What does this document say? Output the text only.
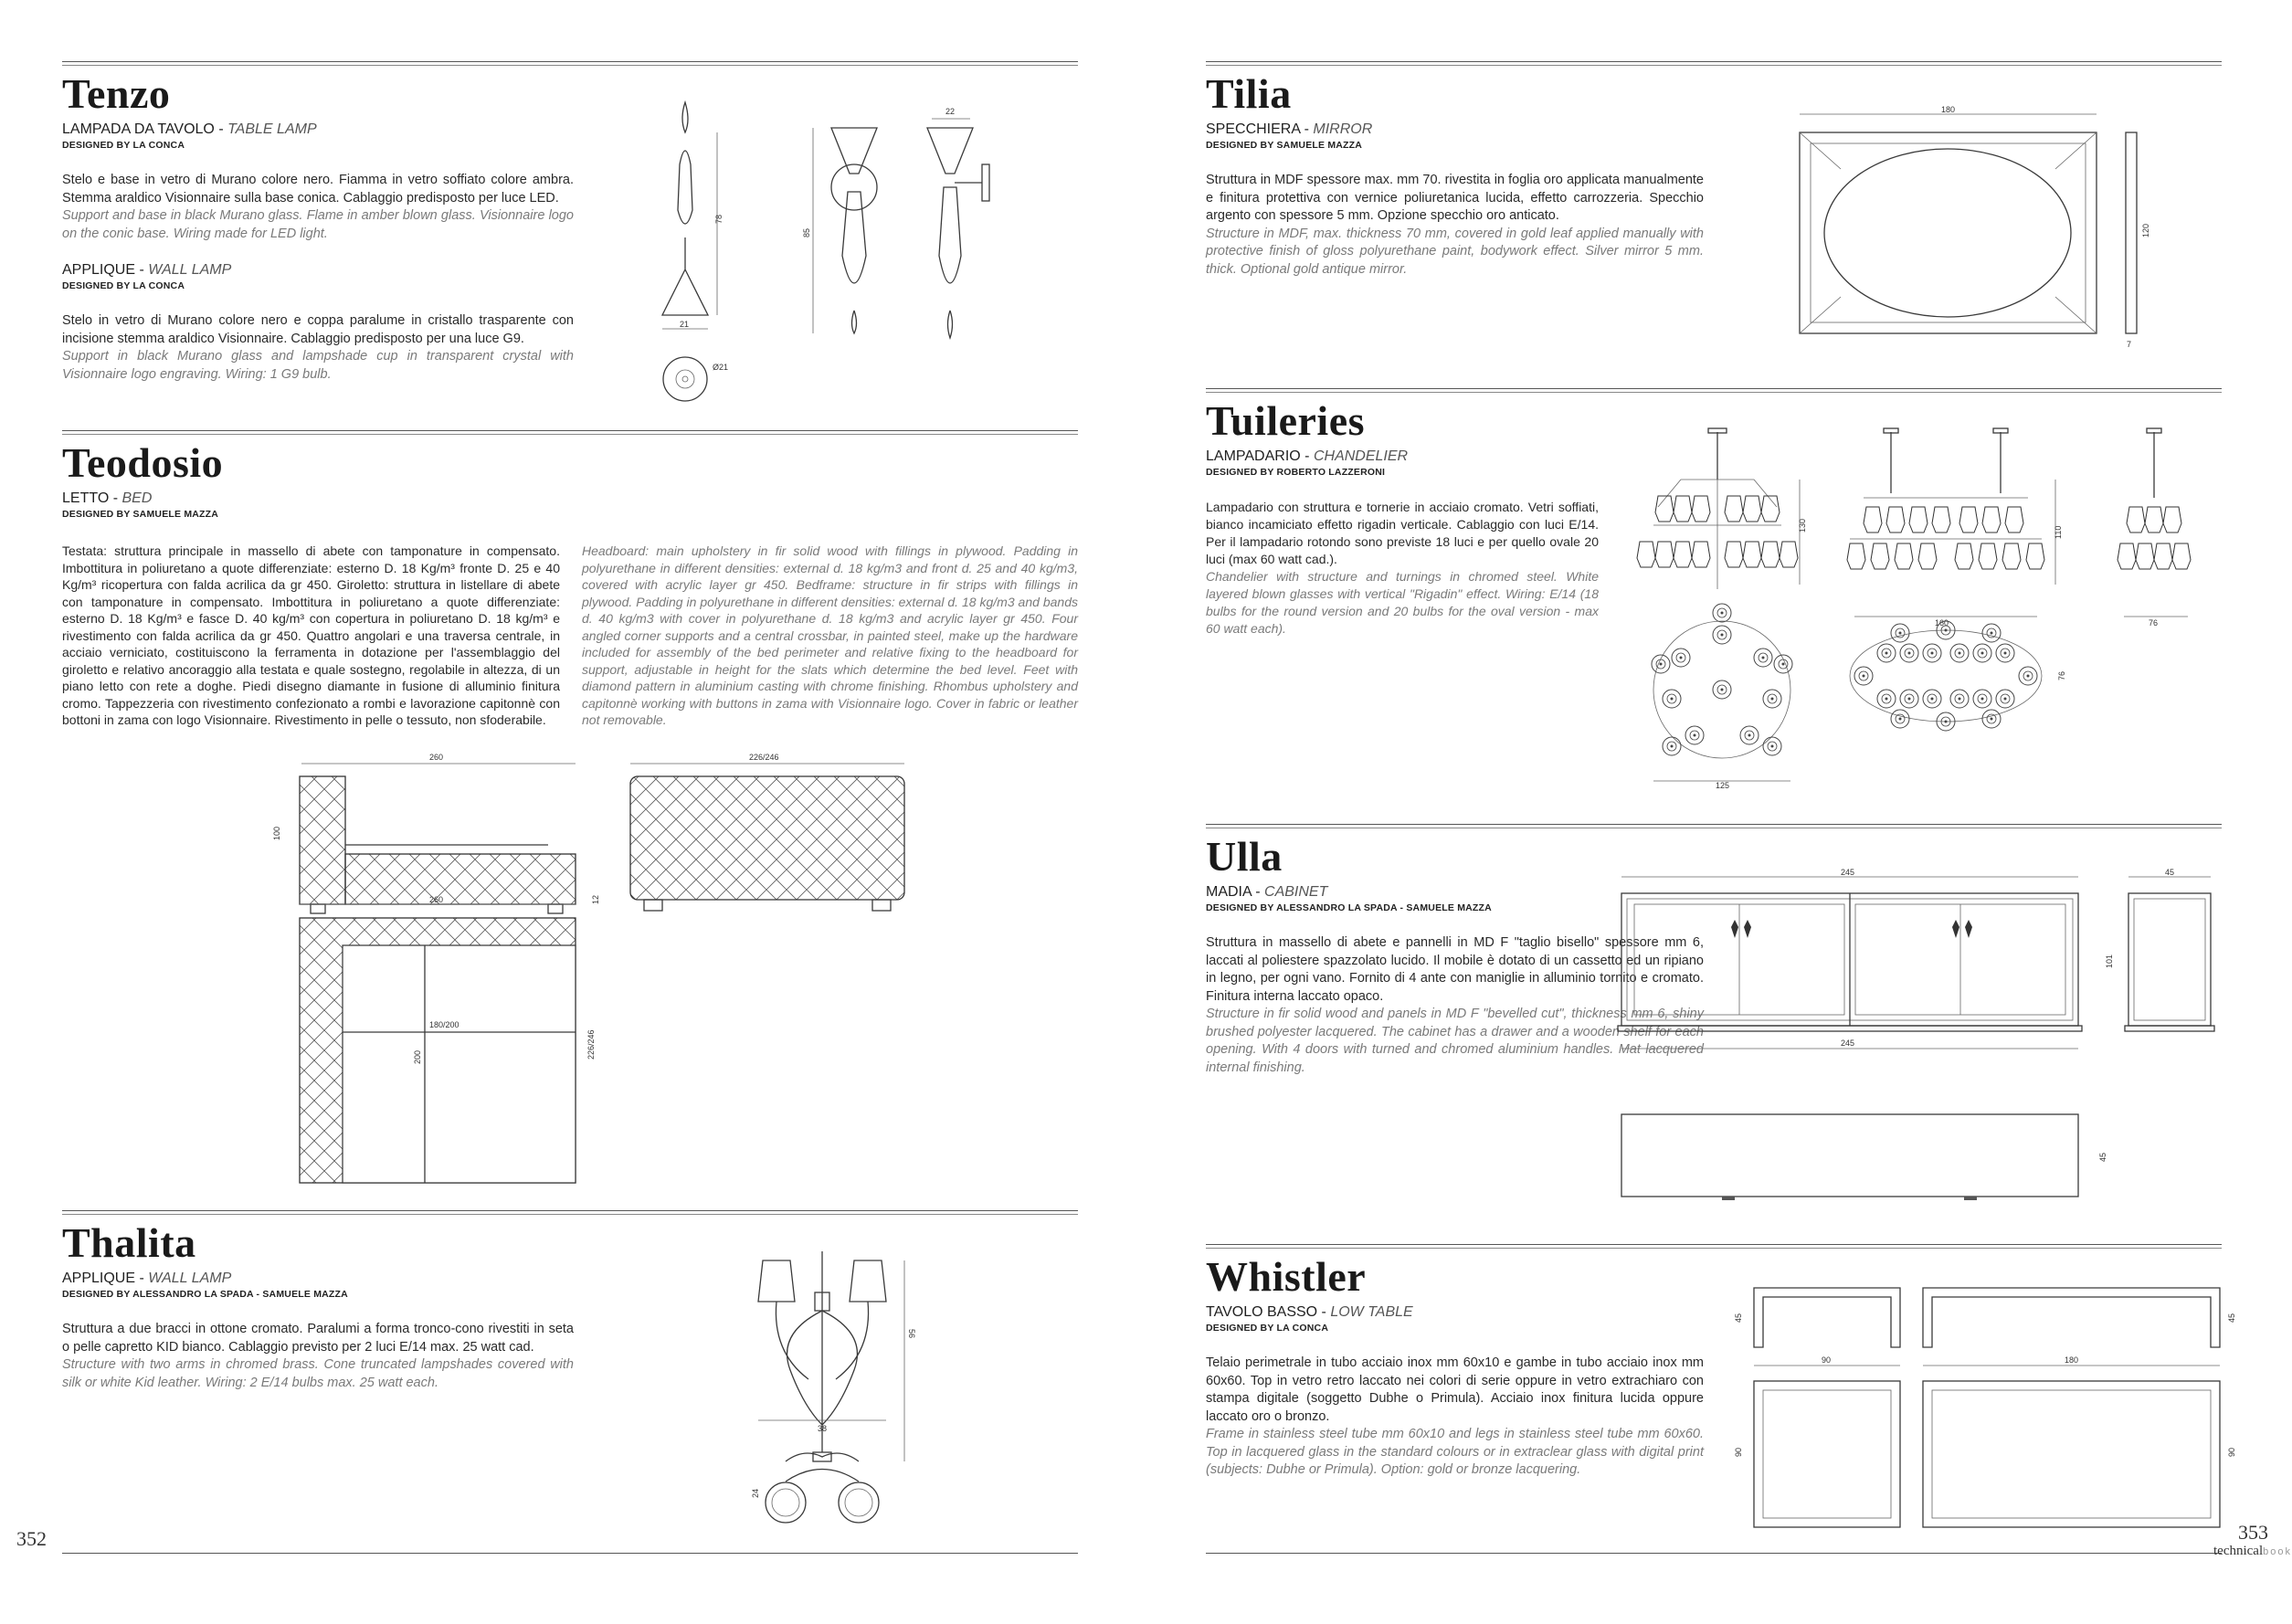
Tenzo
LAMPADA DA TAVOLO - TABLE LAMP
DESIGNED BY LA CONCA
Stelo e base in vetro di Murano colore nero. Fiamma in vetro soffiato colore ambra. Stemma araldico Visionnaire sulla base conica. Cablaggio predisposto per luce LED.
Support and base in black Murano glass. Flame in amber blown glass. Visionnaire logo on the conic base. Wiring made for LED light.
APPLIQUE - WALL LAMP
DESIGNED BY LA CONCA
Stelo in vetro di Murano colore nero e coppa paralume in cristallo trasparente con incisione stemma araldico Visionnaire. Cablaggio predisposto per una luce G9.
Support in black Murano glass and lampshade cup in transparent crystal with Visionnaire logo engraving. Wiring: 1 G9 bulb.
78
21
Ø21
85
22
Teodosio
LETTO - BED
DESIGNED BY SAMUELE MAZZA
Testata: struttura principale in massello di abete con tamponature in compensato. Imbottitura in poliuretano a quote differenziate: esterno D. 18 Kg/m³ fronte D. 25 e 40 Kg/m³ ricopertura con falda acrilica da gr 450. Giroletto: struttura in listellare di abete con tamponature in compensato. Imbottitura in poliuretano a quote differenziate: esterno D. 18 Kg/m³ e fasce D. 40 kg/m³ con copertura in poliuretano D. 18 kg/m³ e rivestimento con falda acrilica da gr 450. Quattro angolari e una traversa centrale, in acciaio verniciato, costituiscono la ferramenta in dotazione per l'assemblaggio del giroletto e relativo ancoraggio alla testata e quale sostegno, regolabile in altezza, di un piano letto con rete a doghe. Piedi disegno diamante in fusione di alluminio finitura cromo. Tappezzeria con rivestimento confezionato a rombi e lavorazione capitonnè con bottoni in zama con logo Visionnaire. Rivestimento in pelle o tessuto, non sfoderabile.
Headboard: main upholstery in fir solid wood with fillings in plywood. Padding in polyurethane in different densities: external d. 18 kg/m3 and front d. 25 and 40 kg/m3, covered with acrylic layer gr 450. Bedframe: structure in fir strips with fillings in plywood. Padding in polyurethane in different densities: external d. 18 kg/m3 and bands d. 40 kg/m3 with cover in polyurethane d. 18 kg/m3 and acrylic layer gr 450. Four angled corner supports and a central crossbar, in painted steel, make up the hardware included for assembly of the bed perimeter and relative fixing to the headboard for support, adjustable in height for the slats which determine the bed level. Feet with diamond pattern in aluminium casting with chrome finishing. Rhombus upholstery and capitonnè working with buttons in zama with Visionnaire logo. Cover in fabric or leather not removable.
260
100
12
226/246
260
180/200
200	226/246
Thalita
APPLIQUE - WALL LAMP
DESIGNED BY ALESSANDRO LA SPADA - SAMUELE MAZZA
Struttura a due bracci in ottone cromato. Paralumi a forma tronco-cono rivestiti in seta o pelle capretto KID bianco. Cablaggio previsto per 2 luci E/14 max. 25 watt cad.
Structure with two arms in chromed brass. Cone truncated lampshades covered with silk or white Kid leather. Wiring: 2 E/14 bulbs max. 25 watt each.
56
38
24
352
Tilia
SPECCHIERA - MIRROR
DESIGNED BY SAMUELE MAZZA
Struttura in MDF spessore max. mm 70. rivestita in foglia oro applicata manualmente e finitura protettiva con vernice poliuretanica lucida, effetto carrozzeria. Specchio argento con spessore 5 mm. Opzione specchio oro anticato.
Structure in MDF, max. thickness 70 mm, covered in gold leaf applied manually with protective finish of gloss polyurethane paint, bodywork effect. Silver mirror 5 mm. thick. Optional gold antique mirror.
180
120
7
Tuileries
LAMPADARIO - CHANDELIER
DESIGNED BY ROBERTO LAZZERONI
Lampadario con struttura e tornerie in acciaio cromato. Vetri soffiati, bianco incamiciato effetto rigadin verticale. Cablaggio con luci E/14. Per il lampadario rotondo sono previste 18 luci e per quello ovale 20 luci (max 60 watt cad.).
Chandelier with structure and turnings in chromed steel. White layered blown glasses with vertical "Rigadin" effect. Wiring: E/14 (18 bulbs for the round version and 20 bulbs for the oval version - max 60 watt each).
130
125
110
160
76
76
Ulla
MADIA - CABINET
DESIGNED BY ALESSANDRO LA SPADA - SAMUELE MAZZA
Struttura in massello di abete e pannelli in MD F "taglio bisello" spessore mm 6, laccati al poliestere spazzolato lucido. Il mobile è dotato di un cassetto ed un ripiano in legno, per ogni vano. Fornito di 4 ante con maniglie in alluminio tornito e cromato. Finitura interna laccato opaco.
Structure in fir solid wood and panels in MD F "bevelled cut", thickness mm 6, shiny brushed polyester lacquered. The cabinet has a drawer and a wooden shelf for each opening. With 4 doors with turned and chromed aluminium handles. Mat lacquered internal finishing.
245
245
45
101
45
Whistler
TAVOLO BASSO - LOW TABLE
DESIGNED BY LA CONCA
Telaio perimetrale in tubo acciaio inox mm 60x10 e gambe in tubo acciaio inox mm 60x60. Top in vetro retro laccato nei colori di serie oppure in vetro extrachiaro con stampa digitale (soggetto Dubhe o Primula). Acciaio inox finitura lucida oppure laccato oro o bronzo.
Frame in stainless steel tube mm 60x10 and legs in stainless steel tube mm 60x60. Top in lacquered glass in the standard colours or in extraclear glass with digital print (subjects: Dubhe or Primula). Option: gold or bronze lacquering.
45
90
90
45
180
90
353
technicalbook
